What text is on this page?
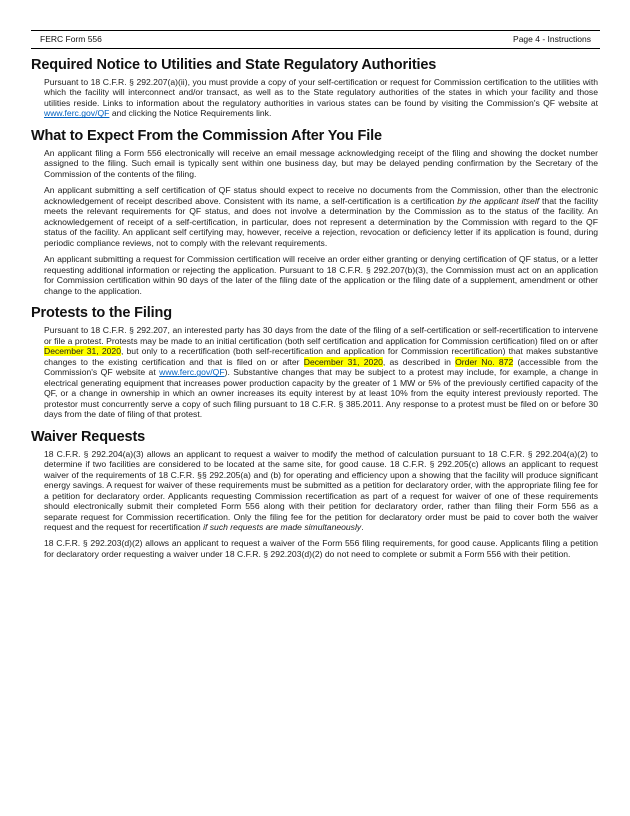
FERC Form 556	Page 4 - Instructions
Required Notice to Utilities and State Regulatory Authorities

Pursuant to 18 C.F.R. § 292.207(a)(ii), you must provide a copy of your self-certification or request for Commission certification to the utilities with which the facility will interconnect and/or transact, as well as to the State regulatory authorities of the states in which your facility and those utilities reside. Links to information about the regulatory authorities in various states can be found by visiting the Commission's QF website at www.ferc.gov/QF and clicking the Notice Requirements link.

What to Expect From the Commission After You File

An applicant filing a Form 556 electronically will receive an email message acknowledging receipt of the filing and showing the docket number assigned to the filing. Such email is typically sent within one business day, but may be delayed pending confirmation by the Secretary of the Commission of the contents of the filing.

An applicant submitting a self certification of QF status should expect to receive no documents from the Commission, other than the electronic acknowledgement of receipt described above. Consistent with its name, a self-certification is a certification by the applicant itself that the facility meets the relevant requirements for QF status, and does not involve a determination by the Commission as to the status of the facility. An acknowledgement of receipt of a self-certification, in particular, does not represent a determination by the Commission with regard to the QF status of the facility. An applicant self certifying may, however, receive a rejection, revocation or deficiency letter if its application is found, during periodic compliance reviews, not to comply with the relevant requirements.

An applicant submitting a request for Commission certification will receive an order either granting or denying certification of QF status, or a letter requesting additional information or rejecting the application. Pursuant to 18 C.F.R. § 292.207(b)(3), the Commission must act on an application for Commission certification within 90 days of the later of the filing date of the application or the filing date of a supplement, amendment or other change to the application.

Protests to the Filing

Pursuant to 18 C.F.R. § 292.207, an interested party has 30 days from the date of the filing of a self-certification or self-recertification to intervene or file a protest. Protests may be made to an initial certification (both self certification and application for Commission certification) filed on or after December 31, 2020, but only to a recertification (both self-recertification and application for Commission recertification) that makes substantive changes to the existing certification and that is filed on or after December 31, 2020, as described in Order No. 872 (accessible from the Commission's QF website at www.ferc.gov/QF). Substantive changes that may be subject to a protest may include, for example, a change in electrical generating equipment that increases power production capacity by the greater of 1 MW or 5% of the previously certified capacity of the QF, or a change in ownership in which an owner increases its equity interest by at least 10% from the equity interest previously reported. The protestor must concurrently serve a copy of such filing pursuant to 18 C.F.R. § 385.2011. Any response to a protest must be filed on or before 30 days from the date of filing of that protest.

Waiver Requests

18 C.F.R. § 292.204(a)(3) allows an applicant to request a waiver to modify the method of calculation pursuant to 18 C.F.R. § 292.204(a)(2) to determine if two facilities are considered to be located at the same site, for good cause. 18 C.F.R. § 292.205(c) allows an applicant to request waiver of the requirements of 18 C.F.R. §§ 292.205(a) and (b) for operating and efficiency upon a showing that the facility will produce significant energy savings. A request for waiver of these requirements must be submitted as a petition for declaratory order, with the appropriate filing fee for a petition for declaratory order. Applicants requesting Commission recertification as part of a request for waiver of one of these requirements should electronically submit their completed Form 556 along with their petition for declaratory order, rather than filing their Form 556 as a separate request for Commission recertification. Only the filing fee for the petition for declaratory order must be paid to cover both the waiver request and the request for recertification if such requests are made simultaneously.

18 C.F.R. § 292.203(d)(2) allows an applicant to request a waiver of the Form 556 filing requirements, for good cause. Applicants filing a petition for declaratory order requesting a waiver under 18 C.F.R. § 292.203(d)(2) do not need to complete or submit a Form 556 with their petition.
